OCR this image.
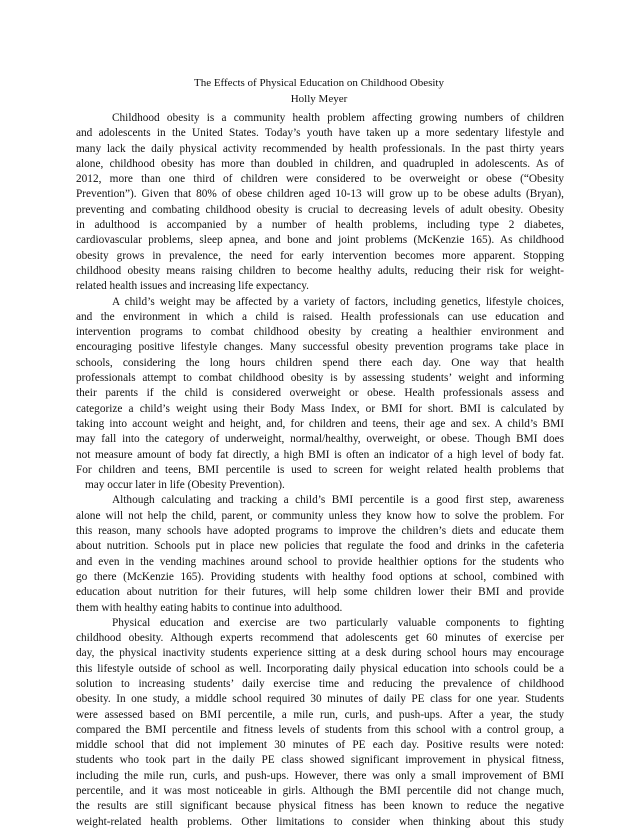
The Effects of Physical Education on Childhood Obesity
Holly Meyer
Childhood obesity is a community health problem affecting growing numbers of children
and adolescents in the United States. Today’s youth have taken up a more sedentary lifestyle and
many lack the daily physical activity recommended by health professionals. In the past thirty years
alone, childhood obesity has more than doubled in children, and quadrupled in adolescents. As of
2012, more than one third of children were considered to be overweight or obese (“Obesity
Prevention”). Given that 80% of obese children aged 10-13 will grow up to be obese adults (Bryan),
preventing and combating childhood obesity is crucial to decreasing levels of adult obesity. Obesity
in adulthood is accompanied by a number of health problems, including type 2 diabetes,
cardiovascular problems, sleep apnea, and bone and joint problems (McKenzie 165). As childhood
obesity grows in prevalence, the need for early intervention becomes more apparent. Stopping
childhood obesity means raising children to become healthy adults, reducing their risk for weight-
related health issues and increasing life expectancy.
A child’s weight may be affected by a variety of factors, including genetics, lifestyle choices,
and the environment in which a child is raised. Health professionals can use education and
intervention programs to combat childhood obesity by creating a healthier environment and
encouraging positive lifestyle changes. Many successful obesity prevention programs take place in
schools, considering the long hours children spend there each day. One way that health
professionals attempt to combat childhood obesity is by assessing students’ weight and informing
their parents if the child is considered overweight or obese. Health professionals assess and
categorize a child’s weight using their Body Mass Index, or BMI for short. BMI is calculated by
taking into account weight and height, and, for children and teens, their age and sex. A child’s BMI
may fall into the category of underweight, normal/healthy, overweight, or obese. Though BMI does
not measure amount of body fat directly, a high BMI is often an indicator of a high level of body fat.
For children and teens, BMI percentile is used to screen for weight related health problems that
may occur later in life (Obesity Prevention).
Although calculating and tracking a child’s BMI percentile is a good first step, awareness
alone will not help the child, parent, or community unless they know how to solve the problem. For
this reason, many schools have adopted programs to improve the children’s diets and educate them
about nutrition. Schools put in place new policies that regulate the food and drinks in the cafeteria
and even in the vending machines around school to provide healthier options for the students who
go there (McKenzie 165). Providing students with healthy food options at school, combined with
education about nutrition for their futures, will help some children lower their BMI and provide
them with healthy eating habits to continue into adulthood.
Physical education and exercise are two particularly valuable components to fighting
childhood obesity. Although experts recommend that adolescents get 60 minutes of exercise per
day, the physical inactivity students experience sitting at a desk during school hours may encourage
this lifestyle outside of school as well. Incorporating daily physical education into schools could be a
solution to increasing students’ daily exercise time and reducing the prevalence of childhood
obesity. In one study, a middle school required 30 minutes of daily PE class for one year. Students
were assessed based on BMI percentile, a mile run, curls, and push-ups. After a year, the study
compared the BMI percentile and fitness levels of students from this school with a control group, a
middle school that did not implement 30 minutes of PE each day. Positive results were noted:
students who took part in the daily PE class showed significant improvement in physical fitness,
including the mile run, curls, and push-ups. However, there was only a small improvement of BMI
percentile, and it was most noticeable in girls. Although the BMI percentile did not change much,
the results are still significant because physical fitness has been known to reduce the negative
weight-related health problems. Other limitations to consider when thinking about this study
